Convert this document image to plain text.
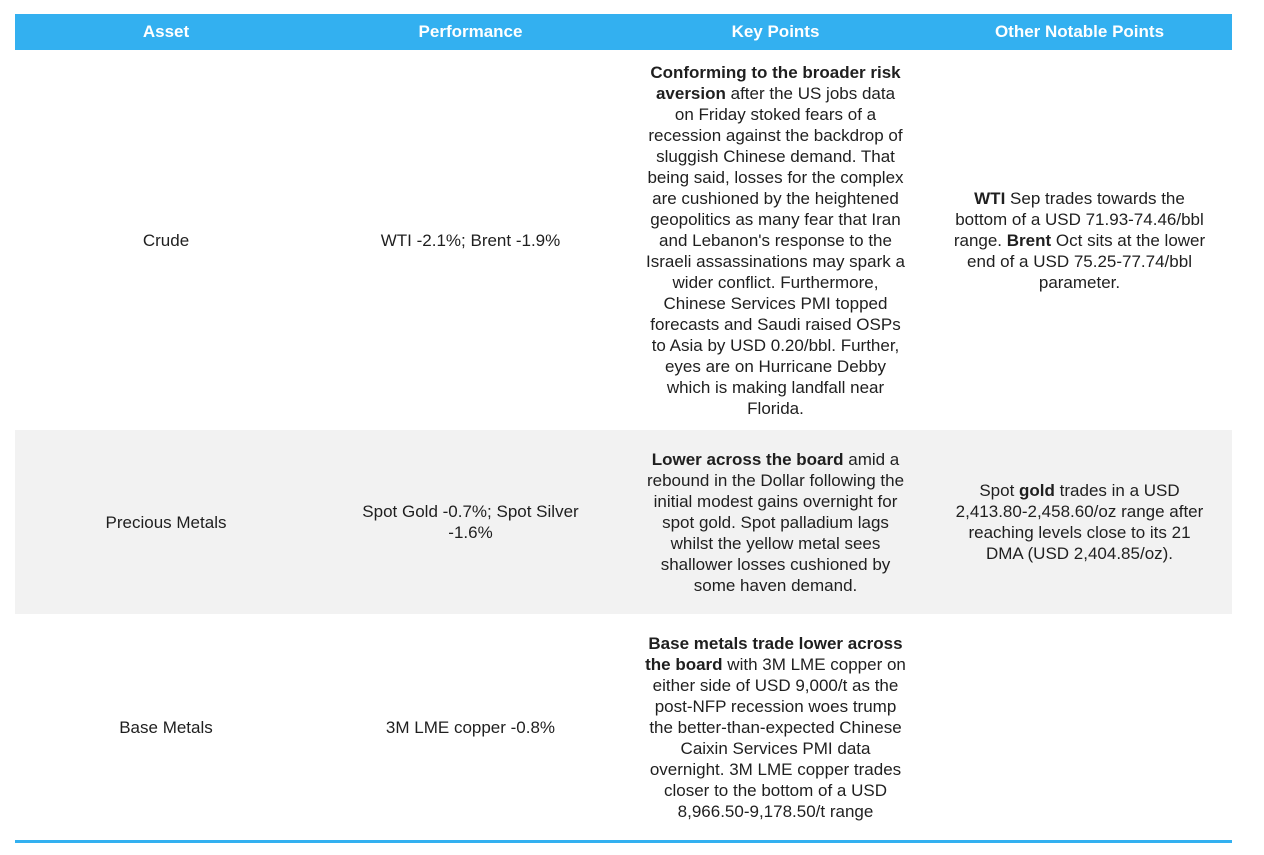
Asset	Performance	Key Points	Other Notable Points
Crude	WTI -2.1%; Brent -1.9%	Conforming to the broader risk aversion after the US jobs data on Friday stoked fears of a recession against the backdrop of sluggish Chinese demand. That being said, losses for the complex are cushioned by the heightened geopolitics as many fear that Iran and Lebanon's response to the Israeli assassinations may spark a wider conflict. Furthermore, Chinese Services PMI topped forecasts and Saudi raised OSPs to Asia by USD 0.20/bbl. Further, eyes are on Hurricane Debby which is making landfall near Florida.	WTI Sep trades towards the bottom of a USD 71.93-74.46/bbl range. Brent Oct sits at the lower end of a USD 75.25-77.74/bbl parameter.

Precious Metals	Spot Gold -0.7%; Spot Silver -1.6%	Lower across the board amid a rebound in the Dollar following the initial modest gains overnight for spot gold. Spot palladium lags whilst the yellow metal sees shallower losses cushioned by some haven demand.	Spot gold trades in a USD 2,413.80-2,458.60/oz range after reaching levels close to its 21 DMA (USD 2,404.85/oz).

Base Metals	3M LME copper -0.8%	Base metals trade lower across the board with 3M LME copper on either side of USD 9,000/t as the post-NFP recession woes trump the better-than-expected Chinese Caixin Services PMI data overnight. 3M LME copper trades closer to the bottom of a USD 8,966.50-9,178.50/t range	
